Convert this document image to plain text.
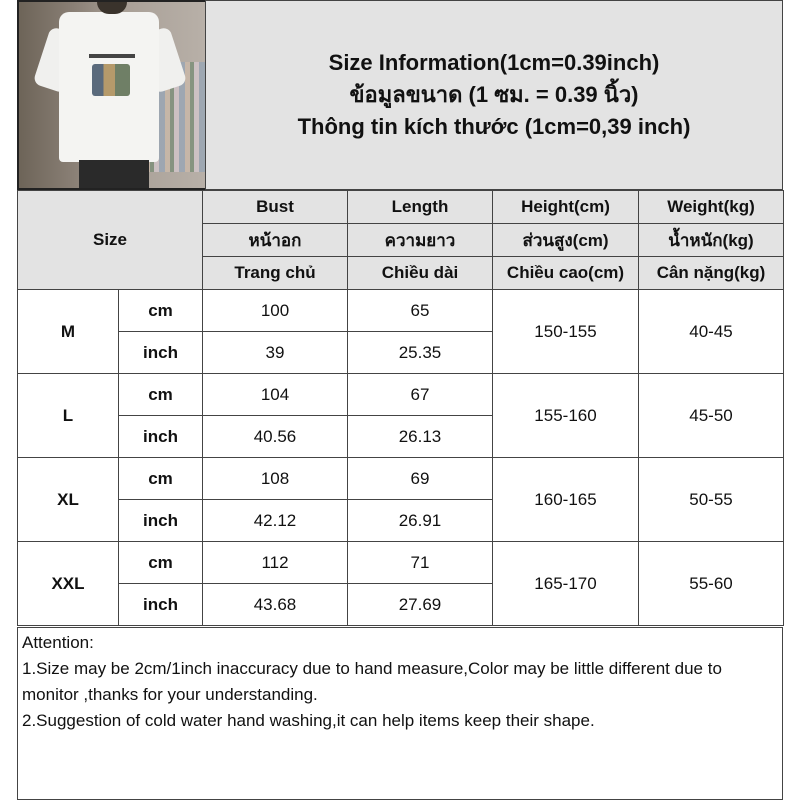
Size Information(1cm=0.39inch)
ข้อมูลขนาด (1 ซม. = 0.39 นิ้ว)
Thông tin kích thước (1cm=0,39 inch)
Size		Bust	Length	Height(cm)	Weight(kg)
		หน้าอก	ความยาว	ส่วนสูง(cm)	น้ำหนัก(kg)
		Trang chủ	Chiều dài	Chiều cao(cm)	Cân nặng(kg)
M	cm	100	65	150-155	40-45
	inch	39	25.35		
L	cm	104	67	155-160	45-50
	inch	40.56	26.13		
XL	cm	108	69	160-165	50-55
	inch	42.12	26.91		
XXL	cm	112	71	165-170	55-60
	inch	43.68	27.69		
Attention:
1.Size may be 2cm/1inch inaccuracy due to hand measure,Color may be little different due to monitor ,thanks for your understanding.
2.Suggestion of cold water hand washing,it can help items keep their shape.
